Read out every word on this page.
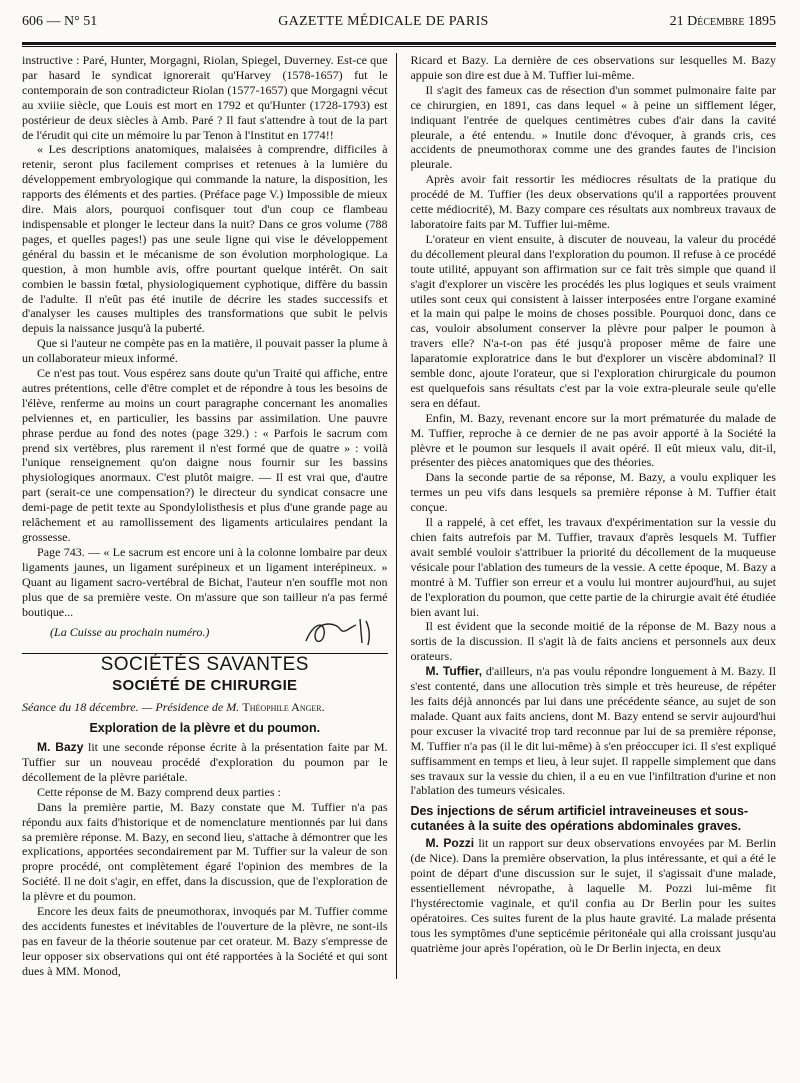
606 — N° 51	GAZETTE MÉDICALE DE PARIS	21 Décembre 1895

instructive : Paré, Hunter, Morgagni, Riolan, Spiegel, Duverney. Est-ce que par hasard le syndicat ignorerait qu'Harvey (1578-1657) fut le contemporain de son contradicteur Riolan (1577-1657) que Morgagni vécut au xviiie siècle, que Louis est mort en 1792 et qu'Hunter (1728-1793) est postérieur de deux siècles à Amb. Paré ? Il faut s'attendre à tout de la part de l'érudit qui cite un mémoire lu par Tenon à l'Institut en 1774!!

« Les descriptions anatomiques, malaisées à comprendre, difficiles à retenir, seront plus facilement comprises et retenues à la lumière du développement embryologique qui commande la nature, la disposition, les rapports des éléments et des parties. (Préface page V.) Impossible de mieux dire. Mais alors, pourquoi confisquer tout d'un coup ce flambeau indispensable et plonger le lecteur dans la nuit? Dans ce gros volume (788 pages, et quelles pages!) pas une seule ligne qui vise le développement général du bassin et le mécanisme de son évolution morphologique. La question, à mon humble avis, offre pourtant quelque intérêt. On sait combien le bassin fœtal, physiologiquement cyphotique, diffère du bassin de l'adulte. Il n'eût pas été inutile de décrire les stades successifs et d'analyser les causes multiples des transformations que subit le pelvis depuis la naissance jusqu'à la puberté.

Que si l'auteur ne compète pas en la matière, il pouvait passer la plume à un collaborateur mieux informé.

Ce n'est pas tout. Vous espérez sans doute qu'un Traité qui affiche, entre autres prétentions, celle d'être complet et de répondre à tous les besoins de l'élève, renferme au moins un court paragraphe concernant les anomalies pelviennes et, en particulier, les bassins par assimilation. Une pauvre phrase perdue au fond des notes (page 329.) : « Parfois le sacrum com prend six vertèbres, plus rarement il n'est formé que de quatre » : voilà l'unique renseignement qu'on daigne nous fournir sur les bassins physiologiques anormaux. C'est plutôt maigre. — Il est vrai que, d'autre part (serait-ce une compensation?) le directeur du syndicat consacre une demi-page de petit texte au Spondylolisthesis et plus d'une grande page au relâchement et au ramollissement des ligaments articulaires pendant la grossesse.

Page 743. — « Le sacrum est encore uni à la colonne lombaire par deux ligaments jaunes, un ligament surépineux et un ligament interépineux. » Quant au ligament sacro-vertébral de Bichat, l'auteur n'en souffle mot non plus que de sa première veste. On m'assure que son tailleur n'a pas fermé boutique...

(La Cuisse au prochain numéro.)
SOCIÉTÉS SAVANTES
SOCIÉTÉ DE CHIRURGIE

Séance du 18 décembre. — Présidence de M. Théophile Anger.

Exploration de la plèvre et du poumon.

M. Bazy lit une seconde réponse écrite à la présentation faite par M. Tuffier sur un nouveau procédé d'exploration du poumon par le décollement de la plèvre pariétale.

Cette réponse de M. Bazy comprend deux parties :

Dans la première partie, M. Bazy constate que M. Tuffier n'a pas répondu aux faits d'historique et de nomenclature mentionnés par lui dans sa première réponse. M. Bazy, en second lieu, s'attache à démontrer que les explications, apportées secondairement par M. Tuffier sur la valeur de son propre procédé, ont complètement égaré l'opinion des membres de la Société. Il ne doit s'agir, en effet, dans la discussion, que de l'exploration de la plèvre et du poumon.

Encore les deux faits de pneumothorax, invoqués par M. Tuffier comme des accidents funestes et inévitables de l'ouverture de la plèvre, ne sont-ils pas en faveur de la théorie soutenue par cet orateur. M. Bazy s'empresse de leur opposer six observations qui ont été rapportées à la Société et qui sont dues à MM. Monod,

Ricard et Bazy. La dernière de ces observations sur lesquelles M. Bazy appuie son dire est due à M. Tuffier lui-même.

Il s'agit des fameux cas de résection d'un sommet pulmonaire faite par ce chirurgien, en 1891, cas dans lequel « à peine un sifflement léger, indiquant l'entrée de quelques centimètres cubes d'air dans la cavité pleurale, a été entendu. » Inutile donc d'évoquer, à grands cris, ces accidents de pneumothorax comme une des grandes fautes de l'incision pleurale.

Après avoir fait ressortir les médiocres résultats de la pratique du procédé de M. Tuffier (les deux observations qu'il a rapportées prouvent cette médiocrité), M. Bazy compare ces résultats aux nombreux travaux de laboratoire faits par M. Tuffier lui-même.

L'orateur en vient ensuite, à discuter de nouveau, la valeur du procédé du décollement pleural dans l'exploration du poumon. Il refuse à ce procédé toute utilité, appuyant son affirmation sur ce fait très simple que quand il s'agit d'explorer un viscère les procédés les plus logiques et seuls vraiment utiles sont ceux qui consistent à laisser interposées entre l'organe examiné et la main qui palpe le moins de choses possible. Pourquoi donc, dans ce cas, vouloir absolument conserver la plèvre pour palper le poumon à travers elle? N'a-t-on pas été jusqu'à proposer même de faire une laparatomie exploratrice dans le but d'explorer un viscère abdominal? Il semble donc, ajoute l'orateur, que si l'exploration chirurgicale du poumon est quelquefois sans résultats c'est par la voie extra-pleurale seule qu'elle sera en défaut.

Enfin, M. Bazy, revenant encore sur la mort prématurée du malade de M. Tuffier, reproche à ce dernier de ne pas avoir apporté à la Société la plèvre et le poumon sur lesquels il avait opéré. Il eût mieux valu, dit-il, présenter des pièces anatomiques que des théories.

Dans la seconde partie de sa réponse, M. Bazy, a voulu expliquer les termes un peu vifs dans lesquels sa première réponse à M. Tuffier était conçue.

Il a rappelé, à cet effet, les travaux d'expérimentation sur la vessie du chien faits autrefois par M. Tuffier, travaux d'après lesquels M. Tuffier avait semblé vouloir s'attribuer la priorité du décollement de la muqueuse vésicale pour l'ablation des tumeurs de la vessie. A cette époque, M. Bazy a montré à M. Tuffier son erreur et a voulu lui montrer aujourd'hui, au sujet de l'exploration du poumon, que cette partie de la chirurgie avait été étudiée bien avant lui.

Il est évident que la seconde moitié de la réponse de M. Bazy nous a sortis de la discussion. Il s'agit là de faits anciens et personnels aux deux orateurs.

M. Tuffier, d'ailleurs, n'a pas voulu répondre longuement à M. Bazy. Il s'est contenté, dans une allocution très simple et très heureuse, de répéter les faits déjà annoncés par lui dans une précédente séance, au sujet de son malade. Quant aux faits anciens, dont M. Bazy entend se servir aujourd'hui pour excuser la vivacité trop tard reconnue par lui de sa première réponse, M. Tuffier n'a pas (il le dit lui-même) à s'en préoccuper ici. Il s'est expliqué suffisamment en temps et lieu, à leur sujet. Il rappelle simplement que dans ses travaux sur la vessie du chien, il a eu en vue l'infiltration d'urine et non l'ablation des tumeurs vésicales.

Des injections de sérum artificiel intraveineuses et sous-cutanées à la suite des opérations abdominales graves.

M. Pozzi lit un rapport sur deux observations envoyées par M. Berlin (de Nice). Dans la première observation, la plus intéressante, et qui a été le point de départ d'une discussion sur le sujet, il s'agissait d'une malade, essentiellement névropathe, à laquelle M. Pozzi lui-même fit l'hystérectomie vaginale, et qu'il confia au Dr Berlin pour les suites opératoires. Ces suites furent de la plus haute gravité. La malade présenta tous les symptômes d'une septicémie péritonéale qui alla croissant jusqu'au quatrième jour après l'opération, où le Dr Berlin injecta, en deux
